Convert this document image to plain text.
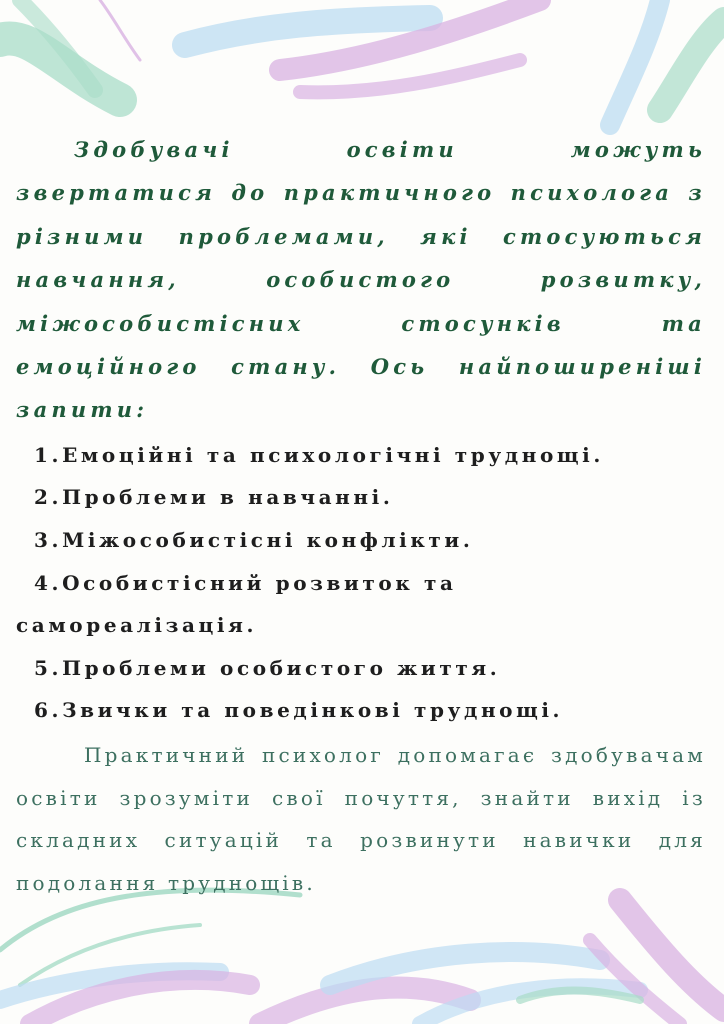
Здобувачі освіти можуть звертатися до практичного психолога з різними проблемами, які стосуються навчання, особистого розвитку, міжособистісних стосунків та емоційного стану. Ось найпоширеніші запити:

1.Емоційні та психологічні труднощі.
2.Проблеми в навчанні.
3.Міжособистісні конфлікти.
4.Особистісний розвиток та самореалізація.
5.Проблеми особистого життя.
6.Звички та поведінкові труднощі.

Практичний психолог допомагає здобувачам освіти зрозуміти свої почуття, знайти вихід із складних ситуацій та розвинути навички для подолання труднощів.
